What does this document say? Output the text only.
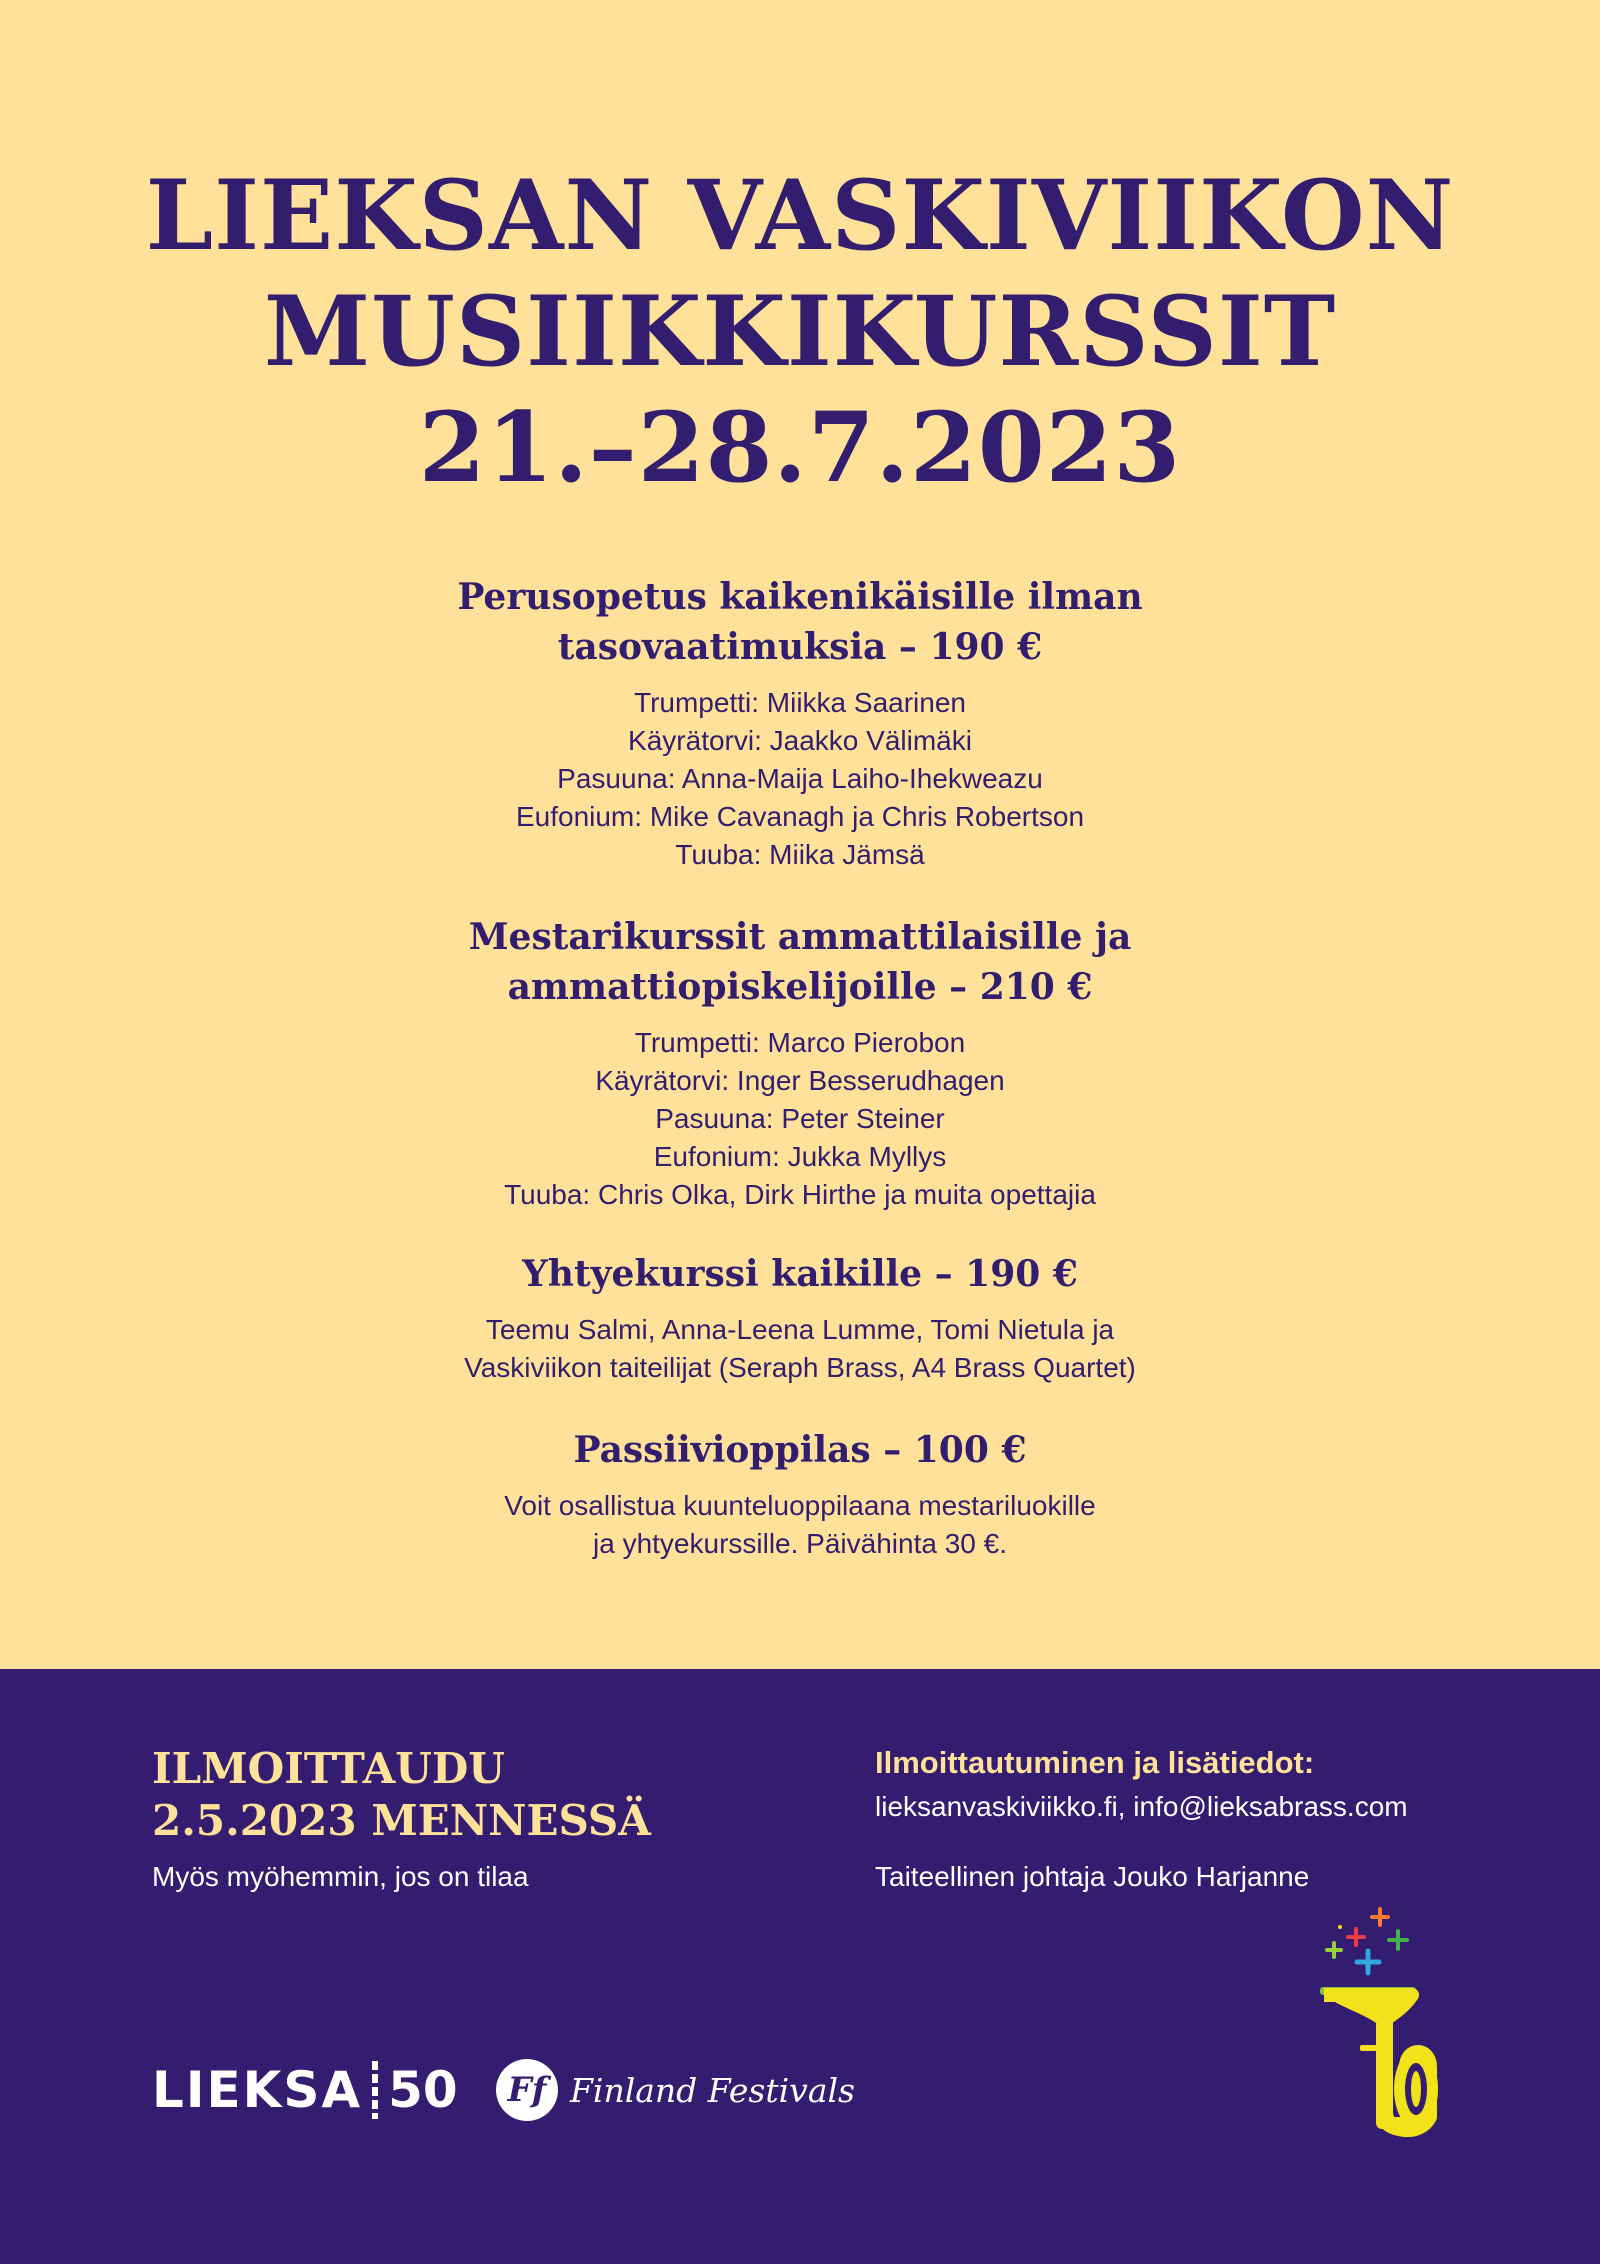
LIEKSAN VASKIVIIKON
MUSIIKKIKURSSIT
21.–28.7.2023
Perusopetus kaikenikäisille ilman
tasovaatimuksia – 190 €
Trumpetti: Miikka Saarinen
Käyrätorvi: Jaakko Välimäki
Pasuuna: Anna-Maija Laiho-Ihekweazu
Eufonium: Mike Cavanagh ja Chris Robertson
Tuuba: Miika Jämsä
Mestarikurssit ammattilaisille ja
ammattiopiskelijoille – 210 €
Trumpetti: Marco Pierobon
Käyrätorvi: Inger Besserudhagen
Pasuuna: Peter Steiner
Eufonium: Jukka Myllys
Tuuba: Chris Olka, Dirk Hirthe ja muita opettajia
Yhtyekurssi kaikille – 190 €
Teemu Salmi, Anna-Leena Lumme, Tomi Nietula ja
Vaskiviikon taiteilijat (Seraph Brass, A4 Brass Quartet)
Passiivioppilas – 100 €
Voit osallistua kuunteluoppilaana mestariluokille
ja yhtyekurssille. Päivähinta 30 €.
ILMOITTAUDU
2.5.2023 MENNESSÄ
Myös myöhemmin, jos on tilaa
Ilmoittautuminen ja lisätiedot:
lieksanvaskiviikko.fi, info@lieksabrass.com
Taiteellinen johtaja Jouko Harjanne
LIEKSA 50	Ff Finland Festivals
